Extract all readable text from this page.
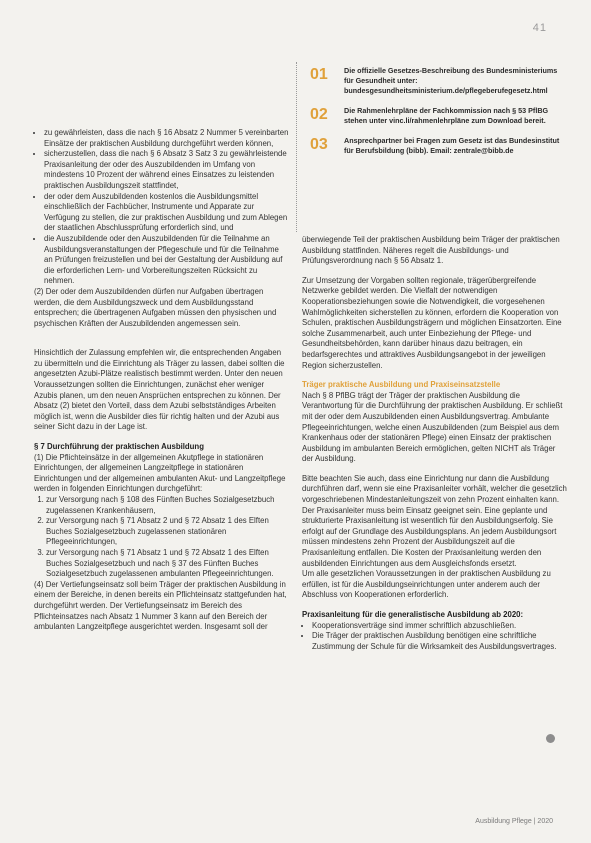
41
01	Die offizielle Gesetzes-Beschreibung des Bundesministeriums für Gesundheit unter:
bundesgesundheitsministerium.de/pflegeberufegesetz.html
02	Die Rahmenlehrpläne der Fachkommission nach § 53 PflBG stehen unter vinc.li/rahmenlehrpläne zum Download bereit.
03	Ansprechpartner bei Fragen zum Gesetz ist das Bundesinstitut für Berufsbildung (bibb). Email: zentrale@bibb.de
• zu gewährleisten, dass die nach § 16 Absatz 2 Nummer 5 vereinbarten Einsätze der praktischen Ausbildung durchgeführt werden können,
• sicherzustellen, dass die nach § 6 Absatz 3 Satz 3 zu gewährleistende Praxisanleitung der oder des Auszubildenden im Umfang von mindestens 10 Prozent der während eines Einsatzes zu leistenden praktischen Ausbildungszeit stattfindet,
• der oder dem Auszubildenden kostenlos die Ausbildungsmittel einschließlich der Fachbücher, Instrumente und Apparate zur Verfügung zu stellen, die zur praktischen Ausbildung und zum Ablegen der staatlichen Abschlussprüfung erforderlich sind, und
• die Auszubildende oder den Auszubildenden für die Teilnahme an Ausbildungsveranstaltungen der Pflegeschule und für die Teilnahme an Prüfungen freizustellen und bei der Gestaltung der Ausbildung auf die erforderlichen Lern- und Vorbereitungszeiten Rücksicht zu nehmen.

(2) Der oder dem Auszubildenden dürfen nur Aufgaben übertragen werden, die dem Ausbildungszweck und dem Ausbildungsstand entsprechen; die übertragenen Aufgaben müssen den physischen und psychischen Kräften der Auszubildenden angemessen sein.

Hinsichtlich der Zulassung empfehlen wir, die entsprechenden Angaben zu übermitteln und die Einrichtung als Träger zu lassen, dabei sollten die angesetzten Azubi-Plätze realistisch bestimmt werden. Unter den neuen Voraussetzungen sollten die Einrichtungen, zunächst eher weniger Azubis planen, um den neuen Ansprüchen entsprechen zu können. Der Absatz (2) bietet den Vorteil, dass dem Azubi selbstständiges Arbeiten möglich ist, wenn die Ausbilder dies für richtig halten und der Azubi aus seiner Sicht dazu in der Lage ist.

§ 7 Durchführung der praktischen Ausbildung

(1) Die Pflichteinsätze in der allgemeinen Akutpflege in stationären Einrichtungen, der allgemeinen Langzeitpflege in stationären Einrichtungen und der allgemeinen ambulanten Akut- und Langzeitpflege werden in folgenden Einrichtungen durchgeführt:

1. zur Versorgung nach § 108 des Fünften Buches Sozialgesetzbuch zugelassenen Krankenhäusern,
2. zur Versorgung nach § 71 Absatz 2 und § 72 Absatz 1 des Elften Buches Sozialgesetzbuch zugelassenen stationären Pflegeeinrichtungen,
3. zur Versorgung nach § 71 Absatz 1 und § 72 Absatz 1 des Elften Buches Sozialgesetzbuch und nach § 37 des Fünften Buches Sozialgesetzbuch zugelassenen ambulanten Pflegeeinrichtungen.

(4) Der Vertiefungseinsatz soll beim Träger der praktischen Ausbildung in einem der Bereiche, in denen bereits ein Pflichteinsatz stattgefunden hat, durchgeführt werden. Der Vertiefungseinsatz im Bereich des Pflichteinsatzes nach Absatz 1 Nummer 3 kann auf den Bereich der ambulanten Langzeitpflege ausgerichtet werden. Insgesamt soll der

überwiegende Teil der praktischen Ausbildung beim Träger der praktischen Ausbildung stattfinden. Näheres regelt die Ausbildungs- und Prüfungsverordnung nach § 56 Absatz 1.

Zur Umsetzung der Vorgaben sollten regionale, trägerübergreifende Netzwerke gebildet werden. Die Vielfalt der notwendigen Kooperationsbeziehungen sowie die Notwendigkeit, die vorgesehenen Wahlmöglichkeiten sicherstellen zu können, erfordern die Kooperation von Schulen, praktischen Ausbildungsträgern und möglichen Einsatzorten. Eine solche Zusammenarbeit, auch unter Einbeziehung der Pflege- und Gesundheitsbehörden, kann darüber hinaus dazu beitragen, ein bedarfsgerechtes und attraktives Ausbildungsangebot in der jeweiligen Region sicherzustellen.

Träger praktische Ausbildung und Praxiseinsatzstelle

Nach § 8 PflBG trägt der Träger der praktischen Ausbildung die Verantwortung für die Durchführung der praktischen Ausbildung. Er schließt mit der oder dem Auszubildenden einen Ausbildungsvertrag. Ambulante Pflegeeinrichtungen, welche einen Auszubildenden (zum Beispiel aus dem Krankenhaus oder der stationären Pflege) einen Einsatz der praktischen Ausbildung im ambulanten Bereich ermöglichen, gelten NICHT als Träger der Ausbildung.

Bitte beachten Sie auch, dass eine Einrichtung nur dann die Ausbildung durchführen darf, wenn sie eine Praxisanleiter vorhält, welcher die gesetzlich vorgeschriebenen Mindestanleitungszeit von zehn Prozent einhalten kann. Der Praxisanleiter muss beim Einsatz geeignet sein. Eine geplante und strukturierte Praxisanleitung ist wesentlich für den Ausbildungserfolg. Sie erfolgt auf der Grundlage des Ausbildungsplans. An jedem Ausbildungsort müssen mindestens zehn Prozent der Ausbildungszeit auf die Praxisanleitung entfallen. Die Kosten der Praxisanleitung werden den ausbildenden Einrichtungen aus dem Ausgleichsfonds ersetzt.

Um alle gesetzlichen Voraussetzungen in der praktischen Ausbildung zu erfüllen, ist für die Ausbildungseinrichtungen unter anderem auch der Abschluss von Kooperationen erforderlich.

Praxisanleitung für die generalistische Ausbildung ab 2020:

• Kooperationsverträge sind immer schriftlich abzuschließen.
• Die Träger der praktischen Ausbildung benötigen eine schriftliche Zustimmung der Schule für die Wirksamkeit des Ausbildungsvertrages.
Ausbildung Pflege | 2020
